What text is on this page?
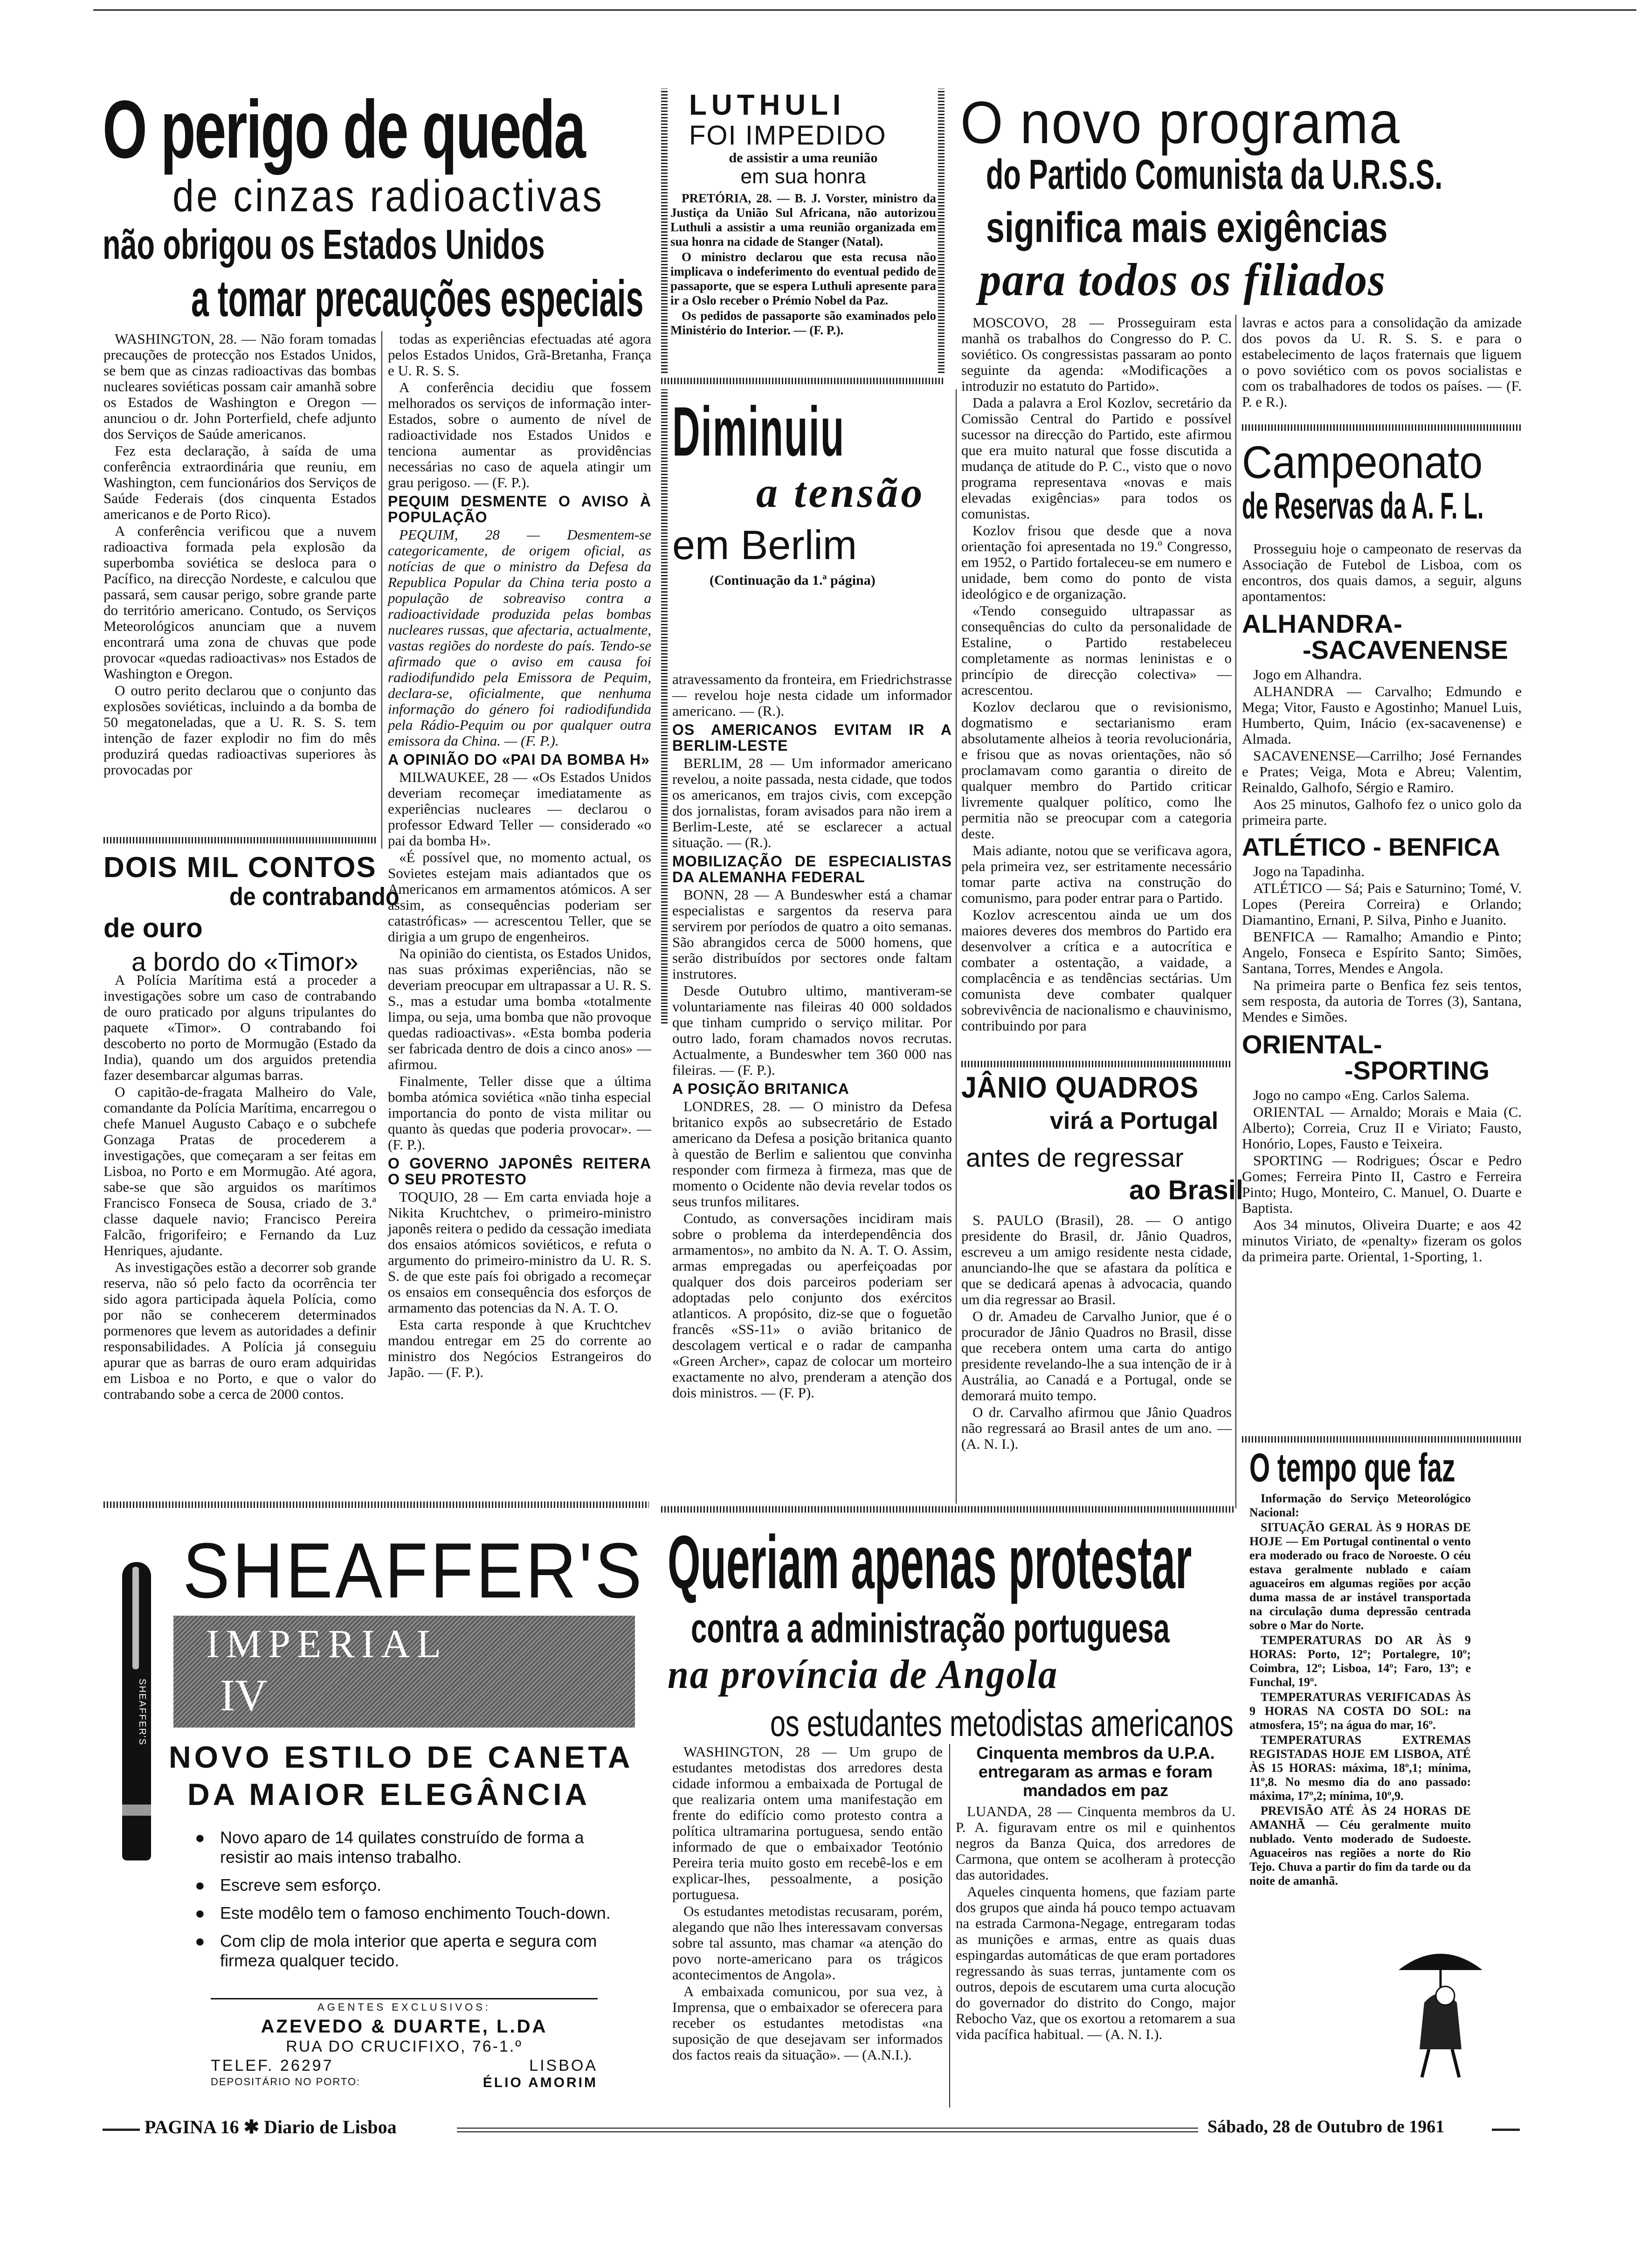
O perigo de queda
de cinzas radioactivas
não obrigou os Estados Unidos
a tomar precauções especiais

WASHINGTON, 28. — Não foram tomadas precauções de protecção nos Estados Unidos, se bem que as cinzas radioactivas das bombas nucleares soviéticas possam cair amanhã sobre os Estados de Washington e Oregon — anunciou o dr. John Porterfield, chefe adjunto dos Serviços de Saúde americanos.

Fez esta declaração, à saída de uma conferência extraordinária que reuniu, em Washington, cem funcionários dos Serviços de Saúde Federais (dos cinquenta Estados americanos e de Porto Rico).

A conferência verificou que a nuvem radioactiva formada pela explosão da superbomba soviética se desloca para o Pacífico, na direcção Nordeste, e calculou que passará, sem causar perigo, sobre grande parte do território americano. Contudo, os Serviços Meteorológicos anunciam que a nuvem encontrará uma zona de chuvas que pode provocar «quedas radioactivas» nos Estados de Washington e Oregon.

O outro perito declarou que o conjunto das explosões soviéticas, incluindo a da bomba de 50 megatoneladas, que a U. R. S. S. tem intenção de fazer explodir no fim do mês produzirá quedas radioactivas superiores às provocadas por

todas as experiências efectuadas até agora pelos Estados Unidos, Grã-Bretanha, França e U. R. S. S.

A conferência decidiu que fossem melhorados os serviços de informação inter-Estados, sobre o aumento de nível de radioactividade nos Estados Unidos e tenciona aumentar as providências necessárias no caso de aquela atingir um grau perigoso. — (F. P.).

PEQUIM DESMENTE O AVISO À POPULAÇÃO

PEQUIM, 28 — Desmentem-se categoricamente, de origem oficial, as notícias de que o ministro da Defesa da Republica Popular da China teria posto a população de sobreaviso contra a radioactividade produzida pelas bombas nucleares russas, que afectaria, actualmente, vastas regiões do nordeste do país. Tendo-se afirmado que o aviso em causa foi radiodifundido pela Emissora de Pequim, declara-se, oficialmente, que nenhuma informação do género foi radiodifundida pela Rádio-Pequim ou por qualquer outra emissora da China. — (F. P.).

A OPINIÃO DO «PAI DA BOMBA H»

MILWAUKEE, 28 — «Os Estados Unidos deveriam recomeçar imediatamente as experiências nucleares — declarou o professor Edward Teller — considerado «o pai da bomba H».

«É possível que, no momento actual, os Sovietes estejam mais adiantados que os Americanos em armamentos atómicos. A ser assim, as consequências poderiam ser catastróficas» — acrescentou Teller, que se dirigia a um grupo de engenheiros.

Na opinião do cientista, os Estados Unidos, nas suas próximas experiências, não se deveriam preocupar em ultrapassar a U. R. S. S., mas a estudar uma bomba «totalmente limpa, ou seja, uma bomba que não provoque quedas radioactivas». «Esta bomba poderia ser fabricada dentro de dois a cinco anos» — afirmou.

Finalmente, Teller disse que a última bomba atómica soviética «não tinha especial importancia do ponto de vista militar ou quanto às quedas que poderia provocar». — (F. P.).

O GOVERNO JAPONÊS REITERA O SEU PROTESTO

TOQUIO, 28 — Em carta enviada hoje a Nikita Kruchtchev, o primeiro-ministro japonês reitera o pedido da cessação imediata dos ensaios atómicos soviéticos, e refuta o argumento do primeiro-ministro da U. R. S. S. de que este país foi obrigado a recomeçar os ensaios em consequência dos esforços de armamento das potencias da N. A. T. O.

Esta carta responde à que Kruchtchev mandou entregar em 25 do corrente ao ministro dos Negócios Estrangeiros do Japão. — (F. P.).

DOIS MIL CONTOS
de contrabando
de ouro
a bordo do «Timor»

A Polícia Marítima está a proceder a investigações sobre um caso de contrabando de ouro praticado por alguns tripulantes do paquete «Timor». O contrabando foi descoberto no porto de Mormugão (Estado da India), quando um dos arguidos pretendia fazer desembarcar algumas barras.

O capitão-de-fragata Malheiro do Vale, comandante da Polícia Marítima, encarregou o chefe Manuel Augusto Cabaço e o subchefe Gonzaga Pratas de procederem a investigações, que começaram a ser feitas em Lisboa, no Porto e em Mormugão. Até agora, sabe-se que são arguidos os marítimos Francisco Fonseca de Sousa, criado de 3.ª classe daquele navio; Francisco Pereira Falcão, frigorifeiro; e Fernando da Luz Henriques, ajudante.

As investigações estão a decorrer sob grande reserva, não só pelo facto da ocorrência ter sido agora participada àquela Polícia, como por não se conhecerem determinados pormenores que levem as autoridades a definir responsabilidades. A Polícia já conseguiu apurar que as barras de ouro eram adquiridas em Lisboa e no Porto, e que o valor do contrabando sobe a cerca de 2000 contos.

SHEAFFER'S
IMPERIAL
IV
SHEAFFER'S
NOVO ESTILO DE CANETA
DA MAIOR ELEGÂNCIA
● Novo aparo de 14 quilates construído de forma a resistir ao mais intenso trabalho.
● Escreve sem esforço.
● Este modêlo tem o famoso enchimento Touch-down.
● Com clip de mola interior que aperta e segura com firmeza qualquer tecido.
AGENTES EXCLUSIVOS:
AZEVEDO & DUARTE, L.DA
RUA DO CRUCIFIXO, 76-1.º
TELEF. 26297	LISBOA
DEPOSITÁRIO NO PORTO:	ÉLIO AMORIM
LUTHULI
FOI IMPEDIDO
de assistir a uma reunião
em sua honra

PRETÓRIA, 28. — B. J. Vorster, ministro da Justiça da União Sul Africana, não autorizou Luthuli a assistir a uma reunião organizada em sua honra na cidade de Stanger (Natal).

O ministro declarou que esta recusa não implicava o indeferimento do eventual pedido de passaporte, que se espera Luthuli apresente para ir a Oslo receber o Prémio Nobel da Paz.

Os pedidos de passaporte são examinados pelo Ministério do Interior. — (F. P.).

Diminuiu
a tensão
em Berlim
(Continuação da 1.ª página)

atravessamento da fronteira, em Friedrichstrasse — revelou hoje nesta cidade um informador americano. — (R.).

OS AMERICANOS EVITAM IR A BERLIM-LESTE

BERLIM, 28 — Um informador americano revelou, a noite passada, nesta cidade, que todos os americanos, em trajos civis, com excepção dos jornalistas, foram avisados para não irem a Berlim-Leste, até se esclarecer a actual situação. — (R.).

MOBILIZAÇÃO DE ESPECIALISTAS DA ALEMANHA FEDERAL

BONN, 28 — A Bundeswher está a chamar especialistas e sargentos da reserva para servirem por períodos de quatro a oito semanas. São abrangidos cerca de 5000 homens, que serão distribuídos por sectores onde faltam instrutores.

Desde Outubro ultimo, mantiveram-se voluntariamente nas fileiras 40 000 soldados que tinham cumprido o serviço militar. Por outro lado, foram chamados novos recrutas. Actualmente, a Bundeswher tem 360 000 nas fileiras. — (F. P.).

A POSIÇÃO BRITANICA

LONDRES, 28. — O ministro da Defesa britanico expôs ao subsecretário de Estado americano da Defesa a posição britanica quanto à questão de Berlim e salientou que convinha responder com firmeza à firmeza, mas que de momento o Ocidente não devia revelar todos os seus trunfos militares.

Contudo, as conversações incidiram mais sobre o problema da interdependência dos armamentos», no ambito da N. A. T. O. Assim, armas empregadas ou aperfeiçoadas por qualquer dos dois parceiros poderiam ser adoptadas pelo conjunto dos exércitos atlanticos. A propósito, diz-se que o foguetão francês «SS-11» o avião britanico de descolagem vertical e o radar de campanha «Green Archer», capaz de colocar um morteiro exactamente no alvo, prenderam a atenção dos dois ministros. — (F. P).

O novo programa
do Partido Comunista da U.R.S.S.
significa mais exigências
para todos os filiados

MOSCOVO, 28 — Prosseguiram esta manhã os trabalhos do Congresso do P. C. soviético. Os congressistas passaram ao ponto seguinte da agenda: «Modificações a introduzir no estatuto do Partido».

Dada a palavra a Erol Kozlov, secretário da Comissão Central do Partido e possível sucessor na direcção do Partido, este afirmou que era muito natural que fosse discutida a mudança de atitude do P. C., visto que o novo programa representava «novas e mais elevadas exigências» para todos os comunistas.

Kozlov frisou que desde que a nova orientação foi apresentada no 19.º Congresso, em 1952, o Partido fortaleceu-se em numero e unidade, bem como do ponto de vista ideológico e de organização.

«Tendo conseguido ultrapassar as consequências do culto da personalidade de Estaline, o Partido restabeleceu completamente as normas leninistas e o princípio de direcção colectiva» — acrescentou.

Kozlov declarou que o revisionismo, dogmatismo e sectarianismo eram absolutamente alheios à teoria revolucionária, e frisou que as novas orientações, não só proclamavam como garantia o direito de qualquer membro do Partido criticar livremente qualquer político, como lhe permitia não se preocupar com a categoria deste.

Mais adiante, notou que se verificava agora, pela primeira vez, ser estritamente necessário tomar parte activa na construção do comunismo, para poder entrar para o Partido.

Kozlov acrescentou ainda ue um dos maiores deveres dos membros do Partido era desenvolver a crítica e a autocrítica e combater a ostentação, a vaidade, a complacência e as tendências sectárias. Um comunista deve combater qualquer sobrevivência de nacionalismo e chauvinismo, contribuindo por para

lavras e actos para a consolidação da amizade dos povos da U. R. S. S. e para o estabelecimento de laços fraternais que liguem o povo soviético com os povos socialistas e com os trabalhadores de todos os países. — (F. P. e R.).

JÂNIO QUADROS
virá a Portugal
antes de regressar
ao Brasil

S. PAULO (Brasil), 28. — O antigo presidente do Brasil, dr. Jânio Quadros, escreveu a um amigo residente nesta cidade, anunciando-lhe que se afastara da política e que se dedicará apenas à advocacia, quando um dia regressar ao Brasil.

O dr. Amadeu de Carvalho Junior, que é o procurador de Jânio Quadros no Brasil, disse que recebera ontem uma carta do antigo presidente revelando-lhe a sua intenção de ir à Austrália, ao Canadá e a Portugal, onde se demorará muito tempo.

O dr. Carvalho afirmou que Jânio Quadros não regressará ao Brasil antes de um ano. — (A. N. I.).

Campeonato
de Reservas da A. F. L.

Prosseguiu hoje o campeonato de reservas da Associação de Futebol de Lisboa, com os encontros, dos quais damos, a seguir, alguns apontamentos:

ALHANDRA-
-SACAVENENSE

Jogo em Alhandra.

ALHANDRA — Carvalho; Edmundo e Mega; Vitor, Fausto e Agostinho; Manuel Luis, Humberto, Quim, Inácio (ex-sacavenense) e Almada.

SACAVENENSE—Carrilho; José Fernandes e Prates; Veiga, Mota e Abreu; Valentim, Reinaldo, Galhofo, Sérgio e Ramiro.

Aos 25 minutos, Galhofo fez o unico golo da primeira parte.

ATLÉTICO - BENFICA

Jogo na Tapadinha.

ATLÉTICO — Sá; Pais e Saturnino; Tomé, V. Lopes (Pereira Correira) e Orlando; Diamantino, Ernani, P. Silva, Pinho e Juanito.

BENFICA — Ramalho; Amandio e Pinto; Angelo, Fonseca e Espírito Santo; Simões, Santana, Torres, Mendes e Angola.

Na primeira parte o Benfica fez seis tentos, sem resposta, da autoria de Torres (3), Santana, Mendes e Simões.

ORIENTAL-
-SPORTING

Jogo no campo «Eng. Carlos Salema.

ORIENTAL — Arnaldo; Morais e Maia (C. Alberto); Correia, Cruz II e Viriato; Fausto, Honório, Lopes, Fausto e Teixeira.

SPORTING — Rodrigues; Óscar e Pedro Gomes; Ferreira Pinto II, Castro e Ferreira Pinto; Hugo, Monteiro, C. Manuel, O. Duarte e Baptista.

Aos 34 minutos, Oliveira Duarte; e aos 42 minutos Viriato, de «penalty» fizeram os golos da primeira parte. Oriental, 1-Sporting, 1.

O tempo que faz

Informação do Serviço Meteorológico Nacional:

SITUAÇÃO GERAL ÀS 9 HORAS DE HOJE — Em Portugal continental o vento era moderado ou fraco de Noroeste. O céu estava geralmente nublado e caíam aguaceiros em algumas regiões por acção duma massa de ar instável transportada na circulação duma depressão centrada sobre o Mar do Norte.

TEMPERATURAS DO AR ÀS 9 HORAS: Porto, 12º; Portalegre, 10º; Coimbra, 12º; Lisboa, 14º; Faro, 13º; e Funchal, 19º.

TEMPERATURAS VERIFICADAS ÀS 9 HORAS NA COSTA DO SOL: na atmosfera, 15º; na água do mar, 16º.

TEMPERATURAS EXTREMAS REGISTADAS HOJE EM LISBOA, ATÉ ÀS 15 HORAS: máxima, 18º,1; mínima, 11º,8. No mesmo dia do ano passado: máxima, 17º,2; mínima, 10º,9.

PREVISÃO ATÉ ÀS 24 HORAS DE AMANHÃ — Céu geralmente muito nublado. Vento moderado de Sudoeste. Aguaceiros nas regiões a norte do Rio Tejo. Chuva a partir do fim da tarde ou da noite de amanhã.

Queriam apenas protestar
contra a administração portuguesa
na província de Angola
os estudantes metodistas americanos

WASHINGTON, 28 — Um grupo de estudantes metodistas dos arredores desta cidade informou a embaixada de Portugal de que realizaria ontem uma manifestação em frente do edifício como protesto contra a política ultramarina portuguesa, sendo então informado de que o embaixador Teotónio Pereira teria muito gosto em recebê-los e em explicar-lhes, pessoalmente, a posição portuguesa.

Os estudantes metodistas recusaram, porém, alegando que não lhes interessavam conversas sobre tal assunto, mas chamar «a atenção do povo norte-americano para os trágicos acontecimentos de Angola».

A embaixada comunicou, por sua vez, à Imprensa, que o embaixador se oferecera para receber os estudantes metodistas «na suposição de que desejavam ser informados dos factos reais da situação». — (A.N.I.).

Cinquenta membros da U.P.A. entregaram as armas e foram mandados em paz

LUANDA, 28 — Cinquenta membros da U. P. A. figuravam entre os mil e quinhentos negros da Banza Quica, dos arredores de Carmona, que ontem se acolheram à protecção das autoridades.

Aqueles cinquenta homens, que faziam parte dos grupos que ainda há pouco tempo actuavam na estrada Carmona-Negage, entregaram todas as munições e armas, entre as quais duas espingardas automáticas de que eram portadores regressando às suas terras, juntamente com os outros, depois de escutarem uma curta alocução do governador do distrito do Congo, major Rebocho Vaz, que os exortou a retomarem a sua vida pacífica habitual. — (A. N. I.).

PAGINA 16 ✱ Diario de Lisboa	Sábado, 28 de Outubro de 1961
